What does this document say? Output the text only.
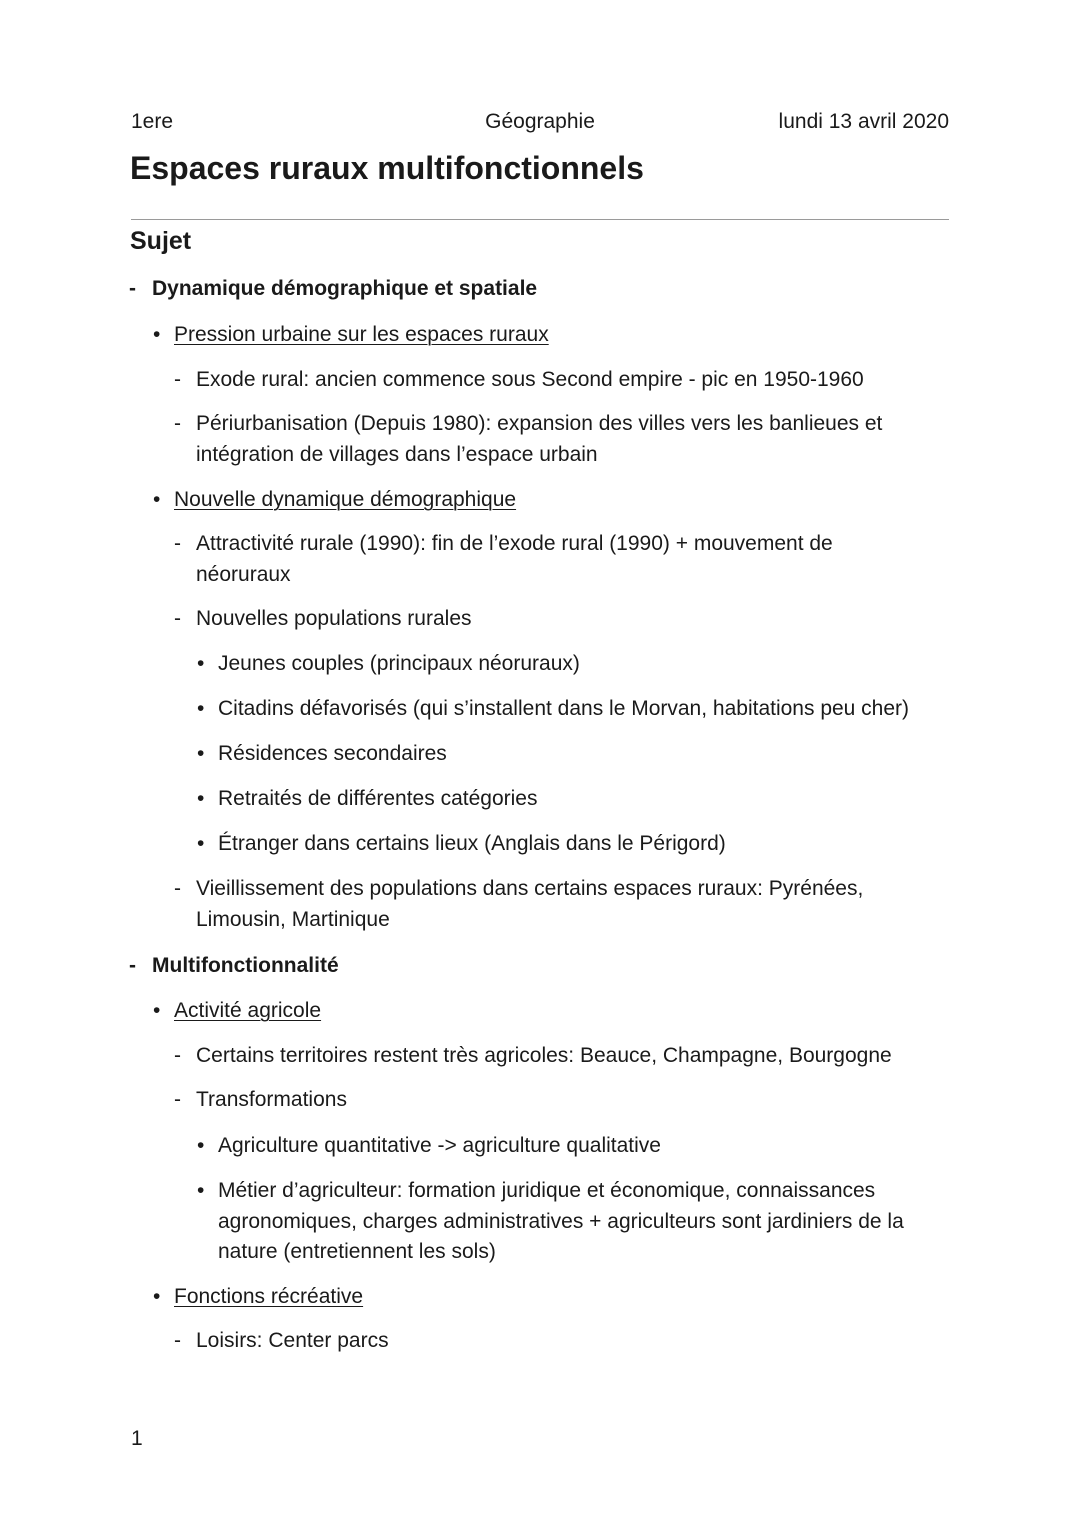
1ere	Géographie	lundi 13 avril 2020
Espaces ruraux multifonctionnels
Sujet
- Dynamique démographique et spatiale
• Pression urbaine sur les espaces ruraux
- Exode rural: ancien commence sous Second empire - pic en 1950-1960
- Périurbanisation (Depuis 1980): expansion des villes vers les banlieues et intégration de villages dans l’espace urbain
• Nouvelle dynamique démographique
- Attractivité rurale (1990): fin de l’exode rural (1990) + mouvement de néoruraux
- Nouvelles populations rurales
• Jeunes couples (principaux néoruraux)
• Citadins défavorisés (qui s’installent dans le Morvan, habitations peu cher)
• Résidences secondaires
• Retraités de différentes catégories
• Étranger dans certains lieux (Anglais dans le Périgord)
- Vieillissement des populations dans certains espaces ruraux: Pyrénées, Limousin, Martinique
- Multifonctionnalité
• Activité agricole
- Certains territoires restent très agricoles: Beauce, Champagne, Bourgogne
- Transformations
• Agriculture quantitative -> agriculture qualitative
• Métier d’agriculteur: formation juridique et économique, connaissances agronomiques, charges administratives + agriculteurs sont jardiniers de la nature (entretiennent les sols)
• Fonctions récréative
- Loisirs: Center parcs
1
